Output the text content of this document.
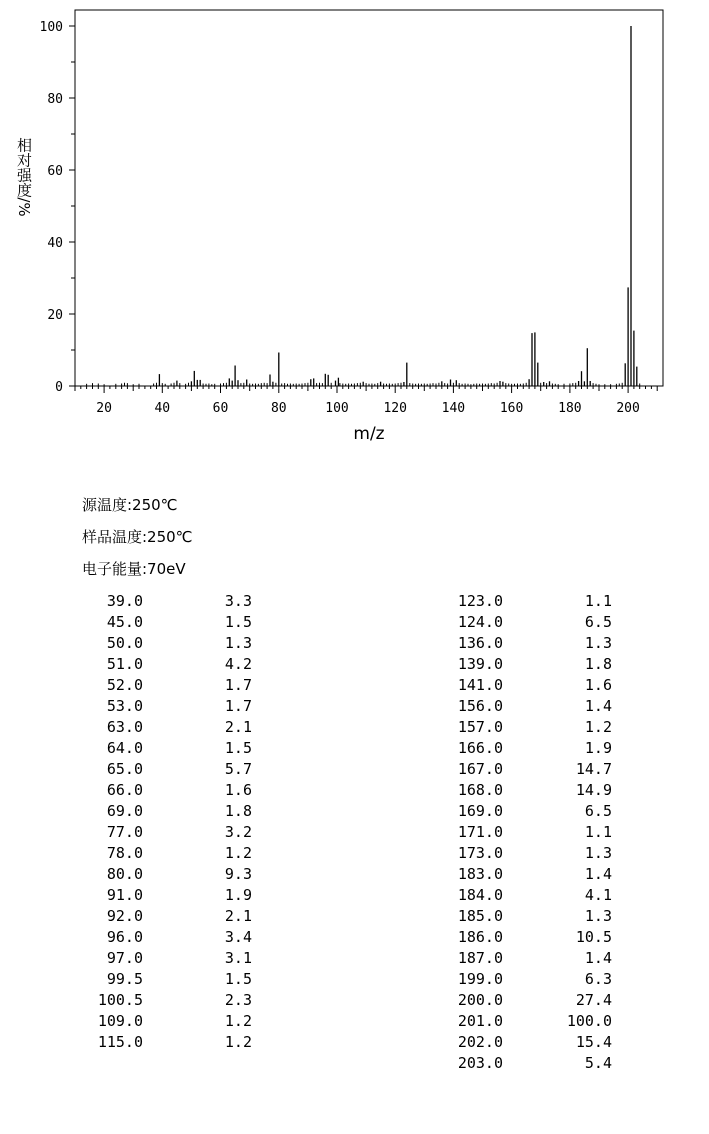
20	40	60	80	100	120	140	160	180	200
0
20
40
60
80
100
m/z
相对强度/%
源温度:250℃
样品温度:250℃
电子能量:70eV
39.0	3.3
45.0	1.5
50.0	1.3
51.0	4.2
52.0	1.7
53.0	1.7
63.0	2.1
64.0	1.5
65.0	5.7
66.0	1.6
69.0	1.8
77.0	3.2
78.0	1.2
80.0	9.3
91.0	1.9
92.0	2.1
96.0	3.4
97.0	3.1
99.5	1.5
100.5	2.3
109.0	1.2
115.0	1.2
123.0	1.1
124.0	6.5
136.0	1.3
139.0	1.8
141.0	1.6
156.0	1.4
157.0	1.2
166.0	1.9
167.0	14.7
168.0	14.9
169.0	6.5
171.0	1.1
173.0	1.3
183.0	1.4
184.0	4.1
185.0	1.3
186.0	10.5
187.0	1.4
199.0	6.3
200.0	27.4
201.0	100.0
202.0	15.4
203.0	5.4
